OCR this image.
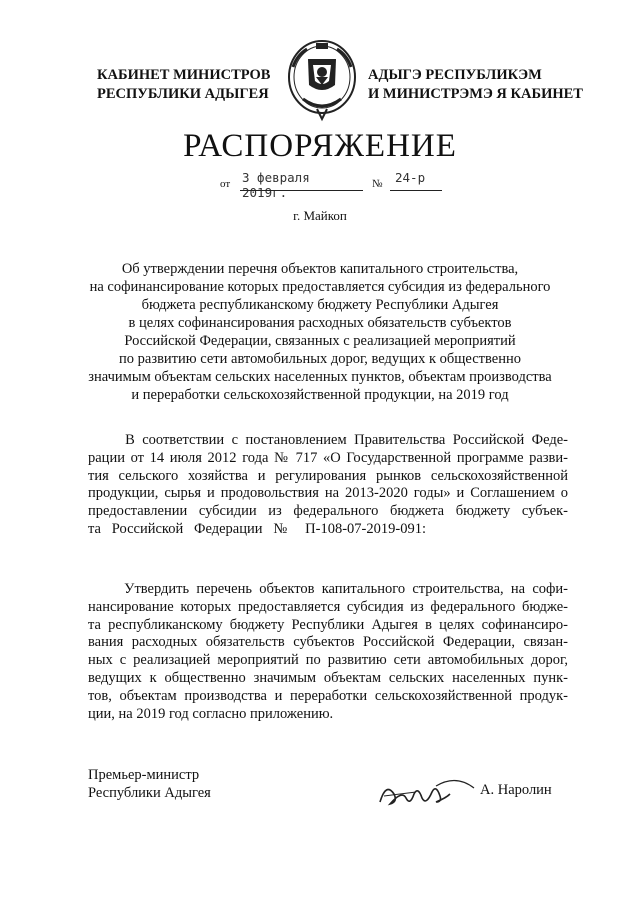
КАБИНЕТ МИНИСТРОВ
РЕСПУБЛИКИ АДЫГЕЯ
АДЫГЭ РЕСПУБЛИКЭМ
И МИНИСТРЭМЭ Я КАБИНЕТ
РАСПОРЯЖЕНИЕ
от 3 февраля 2019г.
№ 24-р
г. Майкоп
Об утверждении перечня объектов капитального строительства,
на софинансирование которых предоставляется субсидия из федерального
бюджета республиканскому бюджету Республики Адыгея
в целях софинансирования расходных обязательств субъектов
Российской Федерации, связанных с реализацией мероприятий
по развитию сети автомобильных дорог, ведущих к общественно
значимым объектам сельских населенных пунктов, объектам производства
и переработки сельскохозяйственной продукции, на 2019 год
В соответствии с постановлением Правительства Российской Феде-
рации от 14 июля 2012 года № 717 «О Государственной программе разви-
тия сельского хозяйства и регулирования рынков сельскохозяйственной
продукции, сырья и продовольствия на 2013-2020 годы» и Соглашением о
предоставлении субсидии из федерального бюджета бюджету субъек-
та Российской Федерации № П-108-07-2019-091:
Утвердить перечень объектов капитального строительства, на софи-
нансирование которых предоставляется субсидия из федерального бюдже-
та республиканскому бюджету Республики Адыгея в целях софинансиро-
вания расходных обязательств субъектов Российской Федерации, связан-
ных с реализацией мероприятий по развитию сети автомобильных дорог,
ведущих к общественно значимым объектам сельских населенных пунк-
тов, объектам производства и переработки сельскохозяйственной продук-
ции, на 2019 год согласно приложению.
Премьер-министр
Республики Адыгея	А. Наролин
